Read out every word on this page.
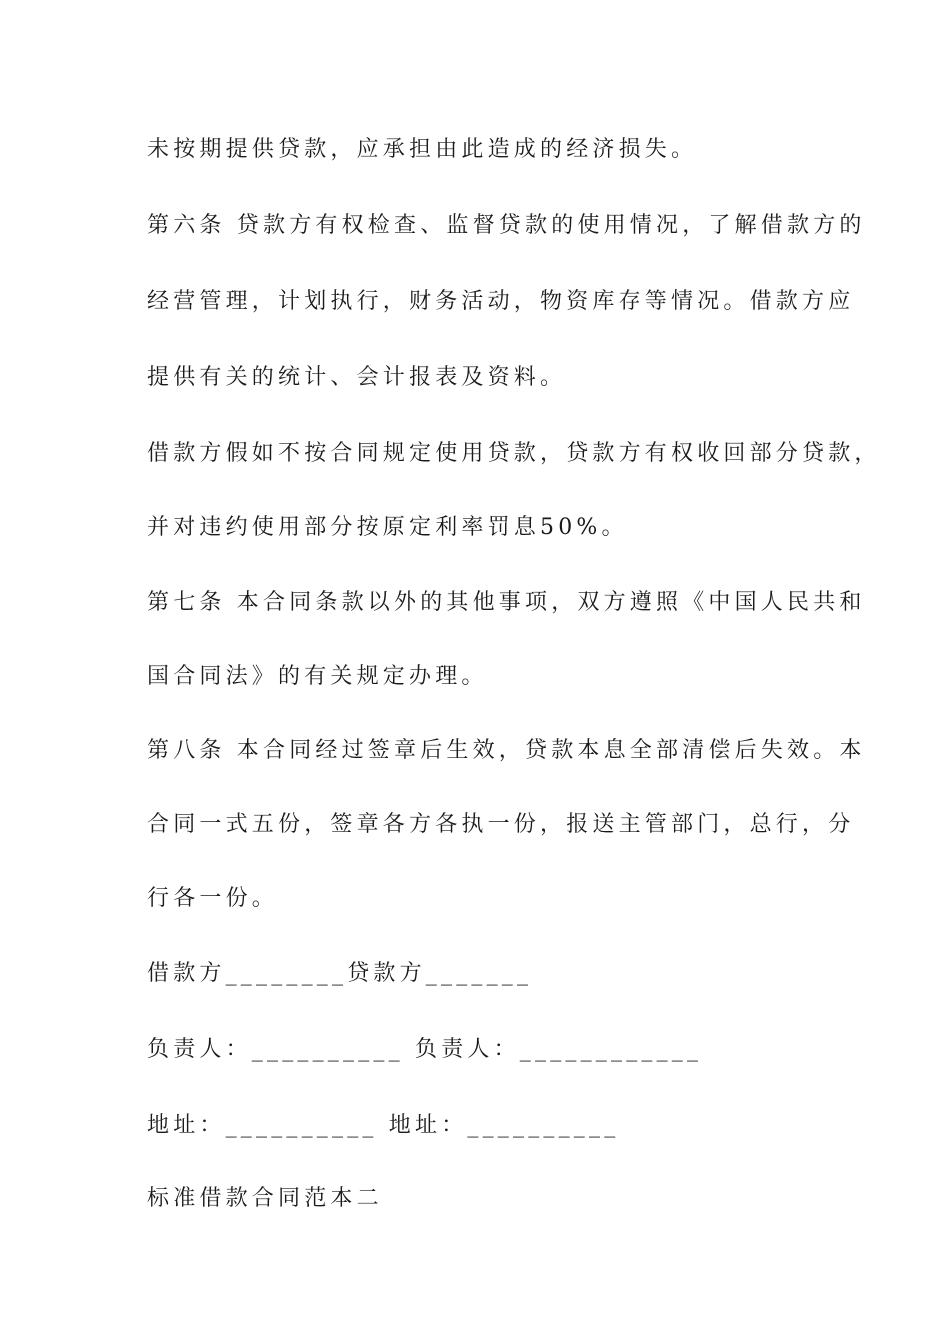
未按期提供贷款，应承担由此造成的经济损失。
第六条 贷款方有权检查、监督贷款的使用情况，了解借款方的
经营管理，计划执行，财务活动，物资库存等情况。借款方应
提供有关的统计、会计报表及资料。
借款方假如不按合同规定使用贷款，贷款方有权收回部分贷款，
并对违约使用部分按原定利率罚息50%。
第七条 本合同条款以外的其他事项，双方遵照《中国人民共和
国合同法》的有关规定办理。
第八条 本合同经过签章后生效，贷款本息全部清偿后失效。本
合同一式五份，签章各方各执一份，报送主管部门，总行，分
行各一份。
借款方________贷款方_______
负责人：__________ 负责人：____________
地址：__________ 地址：__________
标准借款合同范本二
